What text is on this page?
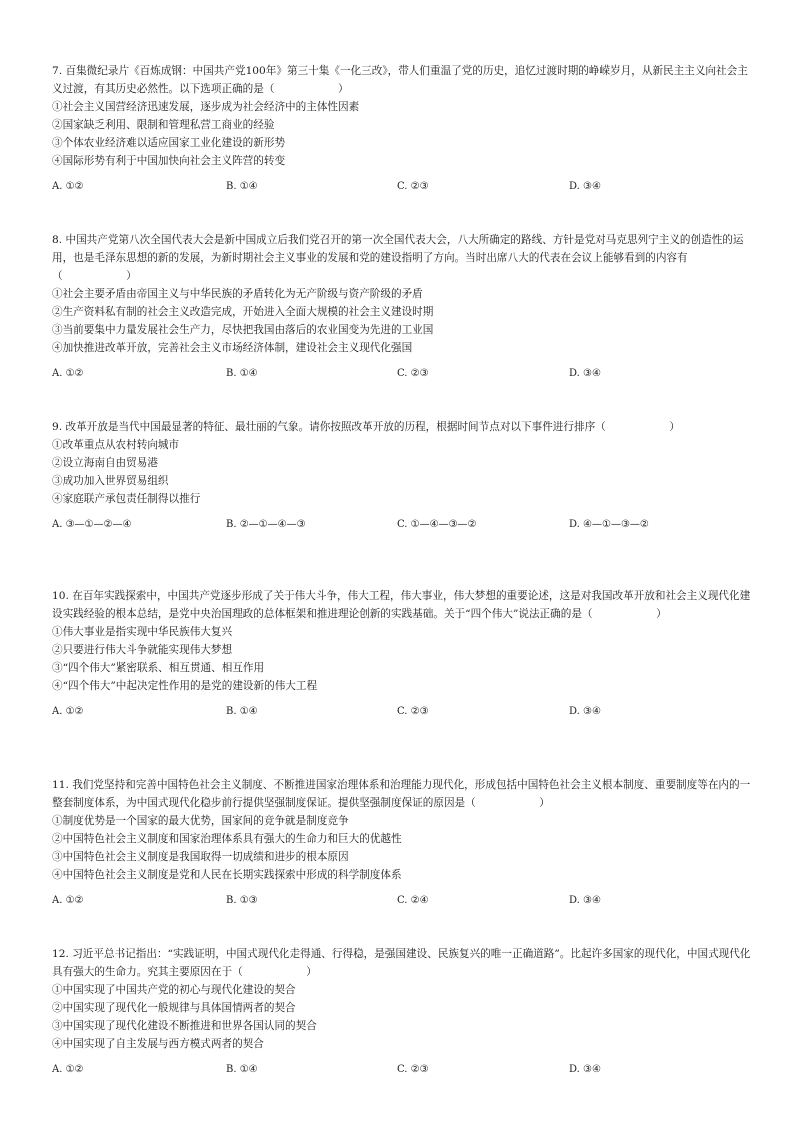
7. 百集微纪录片《百炼成钢：中国共产党100年》第三十集《一化三改》，带人们重温了党的历史，追忆过渡时期的峥嵘岁月，从新民主主义向社会主义过渡，有其历史必然性。以下选项正确的是（　　　　　　）

①社会主义国营经济迅速发展，逐步成为社会经济中的主体性因素

②国家缺乏利用、限制和管理私营工商业的经验

③个体农业经济难以适应国家工业化建设的新形势

④国际形势有利于中国加快向社会主义阵营的转变

A. ①②	B. ①④	C. ②③	D. ③④

8. 中国共产党第八次全国代表大会是新中国成立后我们党召开的第一次全国代表大会，八大所确定的路线、方针是党对马克思列宁主义的创造性的运用，也是毛泽东思想的新的发展，为新时期社会主义事业的发展和党的建设指明了方向。当时出席八大的代表在会议上能够看到的内容有（　　　　　　）

①社会主要矛盾由帝国主义与中华民族的矛盾转化为无产阶级与资产阶级的矛盾

②生产资料私有制的社会主义改造完成，开始进入全面大规模的社会主义建设时期

③当前要集中力量发展社会生产力，尽快把我国由落后的农业国变为先进的工业国

④加快推进改革开放，完善社会主义市场经济体制，建设社会主义现代化强国

A. ①②	B. ①④	C. ②③	D. ③④

9. 改革开放是当代中国最显著的特征、最壮丽的气象。请你按照改革开放的历程，根据时间节点对以下事件进行排序（　　　　　　）

①改革重点从农村转向城市

②设立海南自由贸易港

③成功加入世界贸易组织

④家庭联产承包责任制得以推行

A. ③—①—②—④	B. ②—①—④—③	C. ①—④—③—②	D. ④—①—③—②

10. 在百年实践探索中，中国共产党逐步形成了关于伟大斗争，伟大工程，伟大事业，伟大梦想的重要论述，这是对我国改革开放和社会主义现代化建设实践经验的根本总结，是党中央治国理政的总体框架和推进理论创新的实践基础。关于“四个伟大”说法正确的是（　　　　　　）

①伟大事业是指实现中华民族伟大复兴

②只要进行伟大斗争就能实现伟大梦想

③“四个伟大”紧密联系、相互贯通、相互作用

④“四个伟大”中起决定性作用的是党的建设新的伟大工程

A. ①②	B. ①④	C. ②③	D. ③④

11. 我们党坚持和完善中国特色社会主义制度、不断推进国家治理体系和治理能力现代化，形成包括中国特色社会主义根本制度、重要制度等在内的一整套制度体系，为中国式现代化稳步前行提供坚强制度保证。提供坚强制度保证的原因是（　　　　　　）

①制度优势是一个国家的最大优势，国家间的竞争就是制度竞争

②中国特色社会主义制度和国家治理体系具有强大的生命力和巨大的优越性

③中国特色社会主义制度是我国取得一切成绩和进步的根本原因

④中国特色社会主义制度是党和人民在长期实践探索中形成的科学制度体系

A. ①②	B. ①③	C. ②④	D. ③④

12. 习近平总书记指出：“实践证明，中国式现代化走得通、行得稳，是强国建设、民族复兴的唯一正确道路”。比起许多国家的现代化，中国式现代化具有强大的生命力。究其主要原因在于（　　　　　　）

①中国实现了中国共产党的初心与现代化建设的契合

②中国实现了现代化一般规律与具体国情两者的契合

③中国实现了现代化建设不断推进和世界各国认同的契合

④中国实现了自主发展与西方模式两者的契合

A. ①②	B. ①④	C. ②③	D. ③④
